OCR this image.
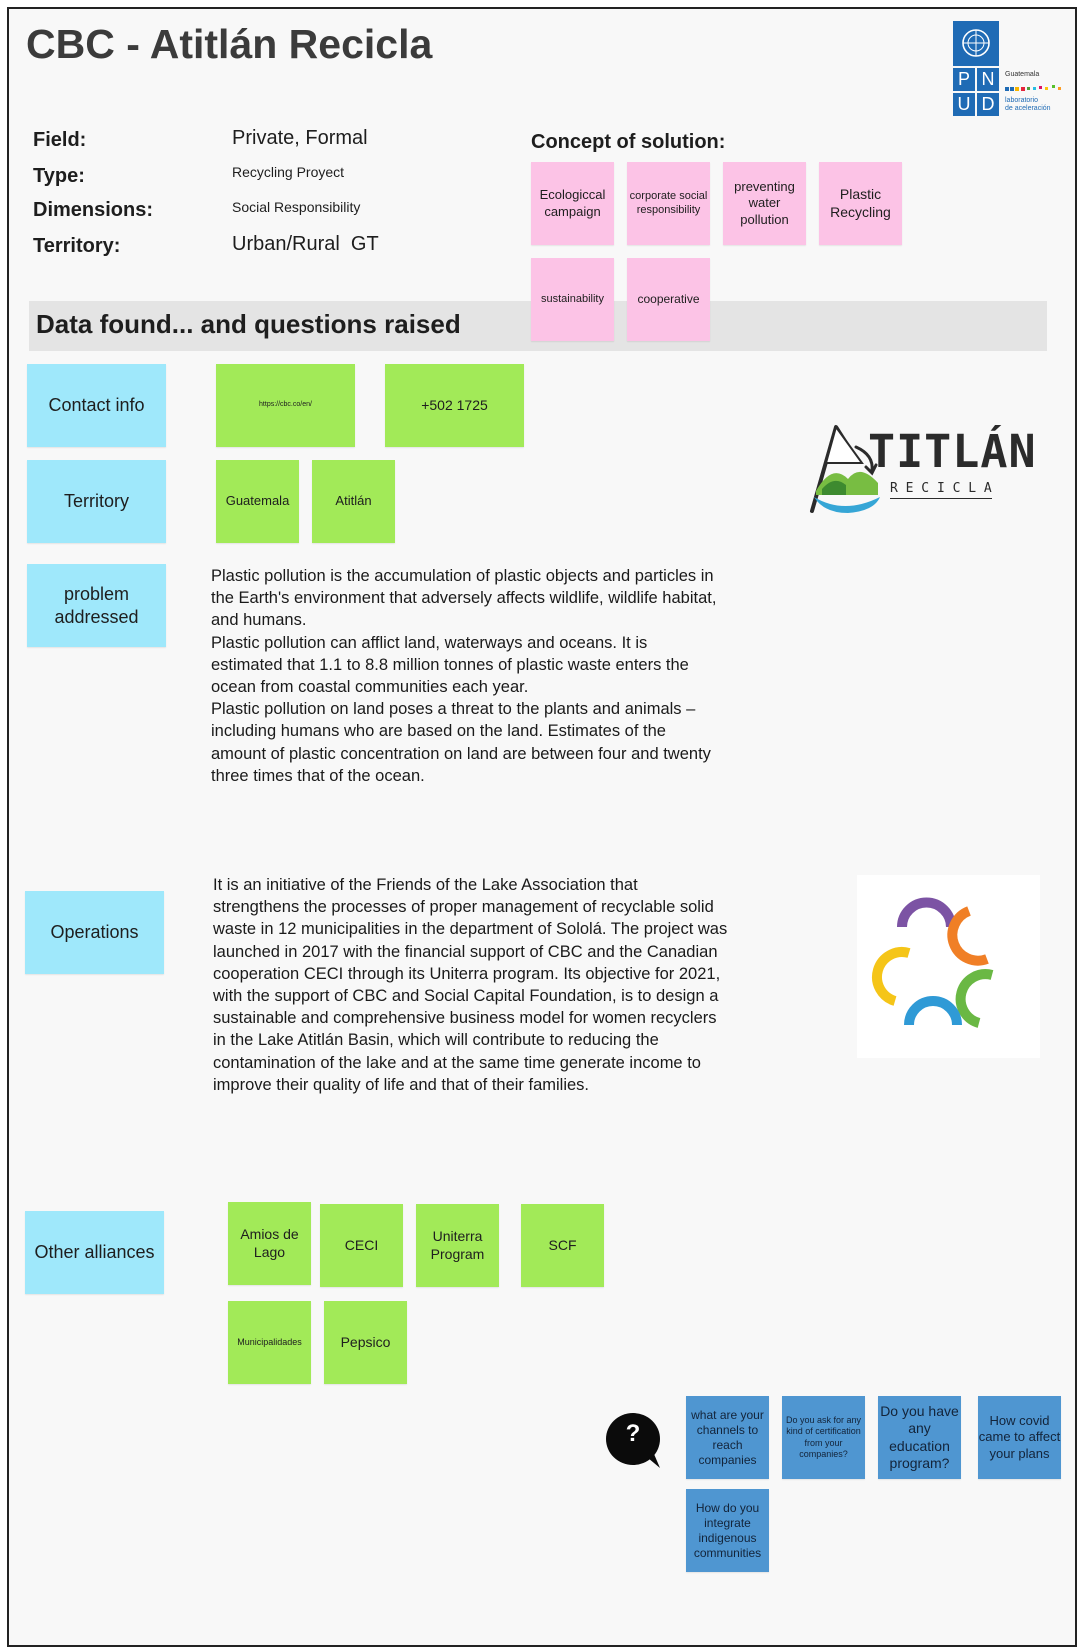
CBC - Atitlán Recicla
P N
U D
Guatemala
laboratorio
de aceleración
Field:	Private, Formal
Type:	Recycling Proyect
Dimensions:	Social Responsibility
Territory:	Urban/Rural  GT
Data found... and questions raised
Concept of solution:
Ecologiccal campaign
corporate social responsibility
preventing water pollution
Plastic Recycling
sustainability	cooperative
Contact info	https://cbc.co/en/	+502 1725
Territory	Guatemala	Atitlán
TITLÁN
R E C I C L A
problem addressed

Plastic pollution is the accumulation of plastic objects and particles in the Earth's environment that adversely affects wildlife, wildlife habitat, and humans.

Plastic pollution can afflict land, waterways and oceans. It is estimated that 1.1 to 8.8 million tonnes of plastic waste enters the ocean from coastal communities each year.

Plastic pollution on land poses a threat to the plants and animals – including humans who are based on the land. Estimates of the amount of plastic concentration on land are between four and twenty three times that of the ocean.

Operations

It is an initiative of the Friends of the Lake Association that strengthens the processes of proper management of recyclable solid waste in 12 municipalities in the department of Sololá. The project was launched in 2017 with the financial support of CBC and the Canadian cooperation CECI through its Uniterra program. Its objective for 2021, with the support of CBC and Social Capital Foundation, is to design a sustainable and comprehensive business model for women recyclers in the Lake Atitlán Basin, which will contribute to reducing the contamination of the lake and at the same time generate income to improve their quality of life and that of their families.

Other alliances
Amios de Lago	CECI
Uniterra Program
SCF
Municipalidades	Pepsico
?
what are your channels to reach companies
Do you ask for any kind of certification from your companies?
Do you have any education program?
How covid came to affect your plans
How do you integrate indigenous communities
